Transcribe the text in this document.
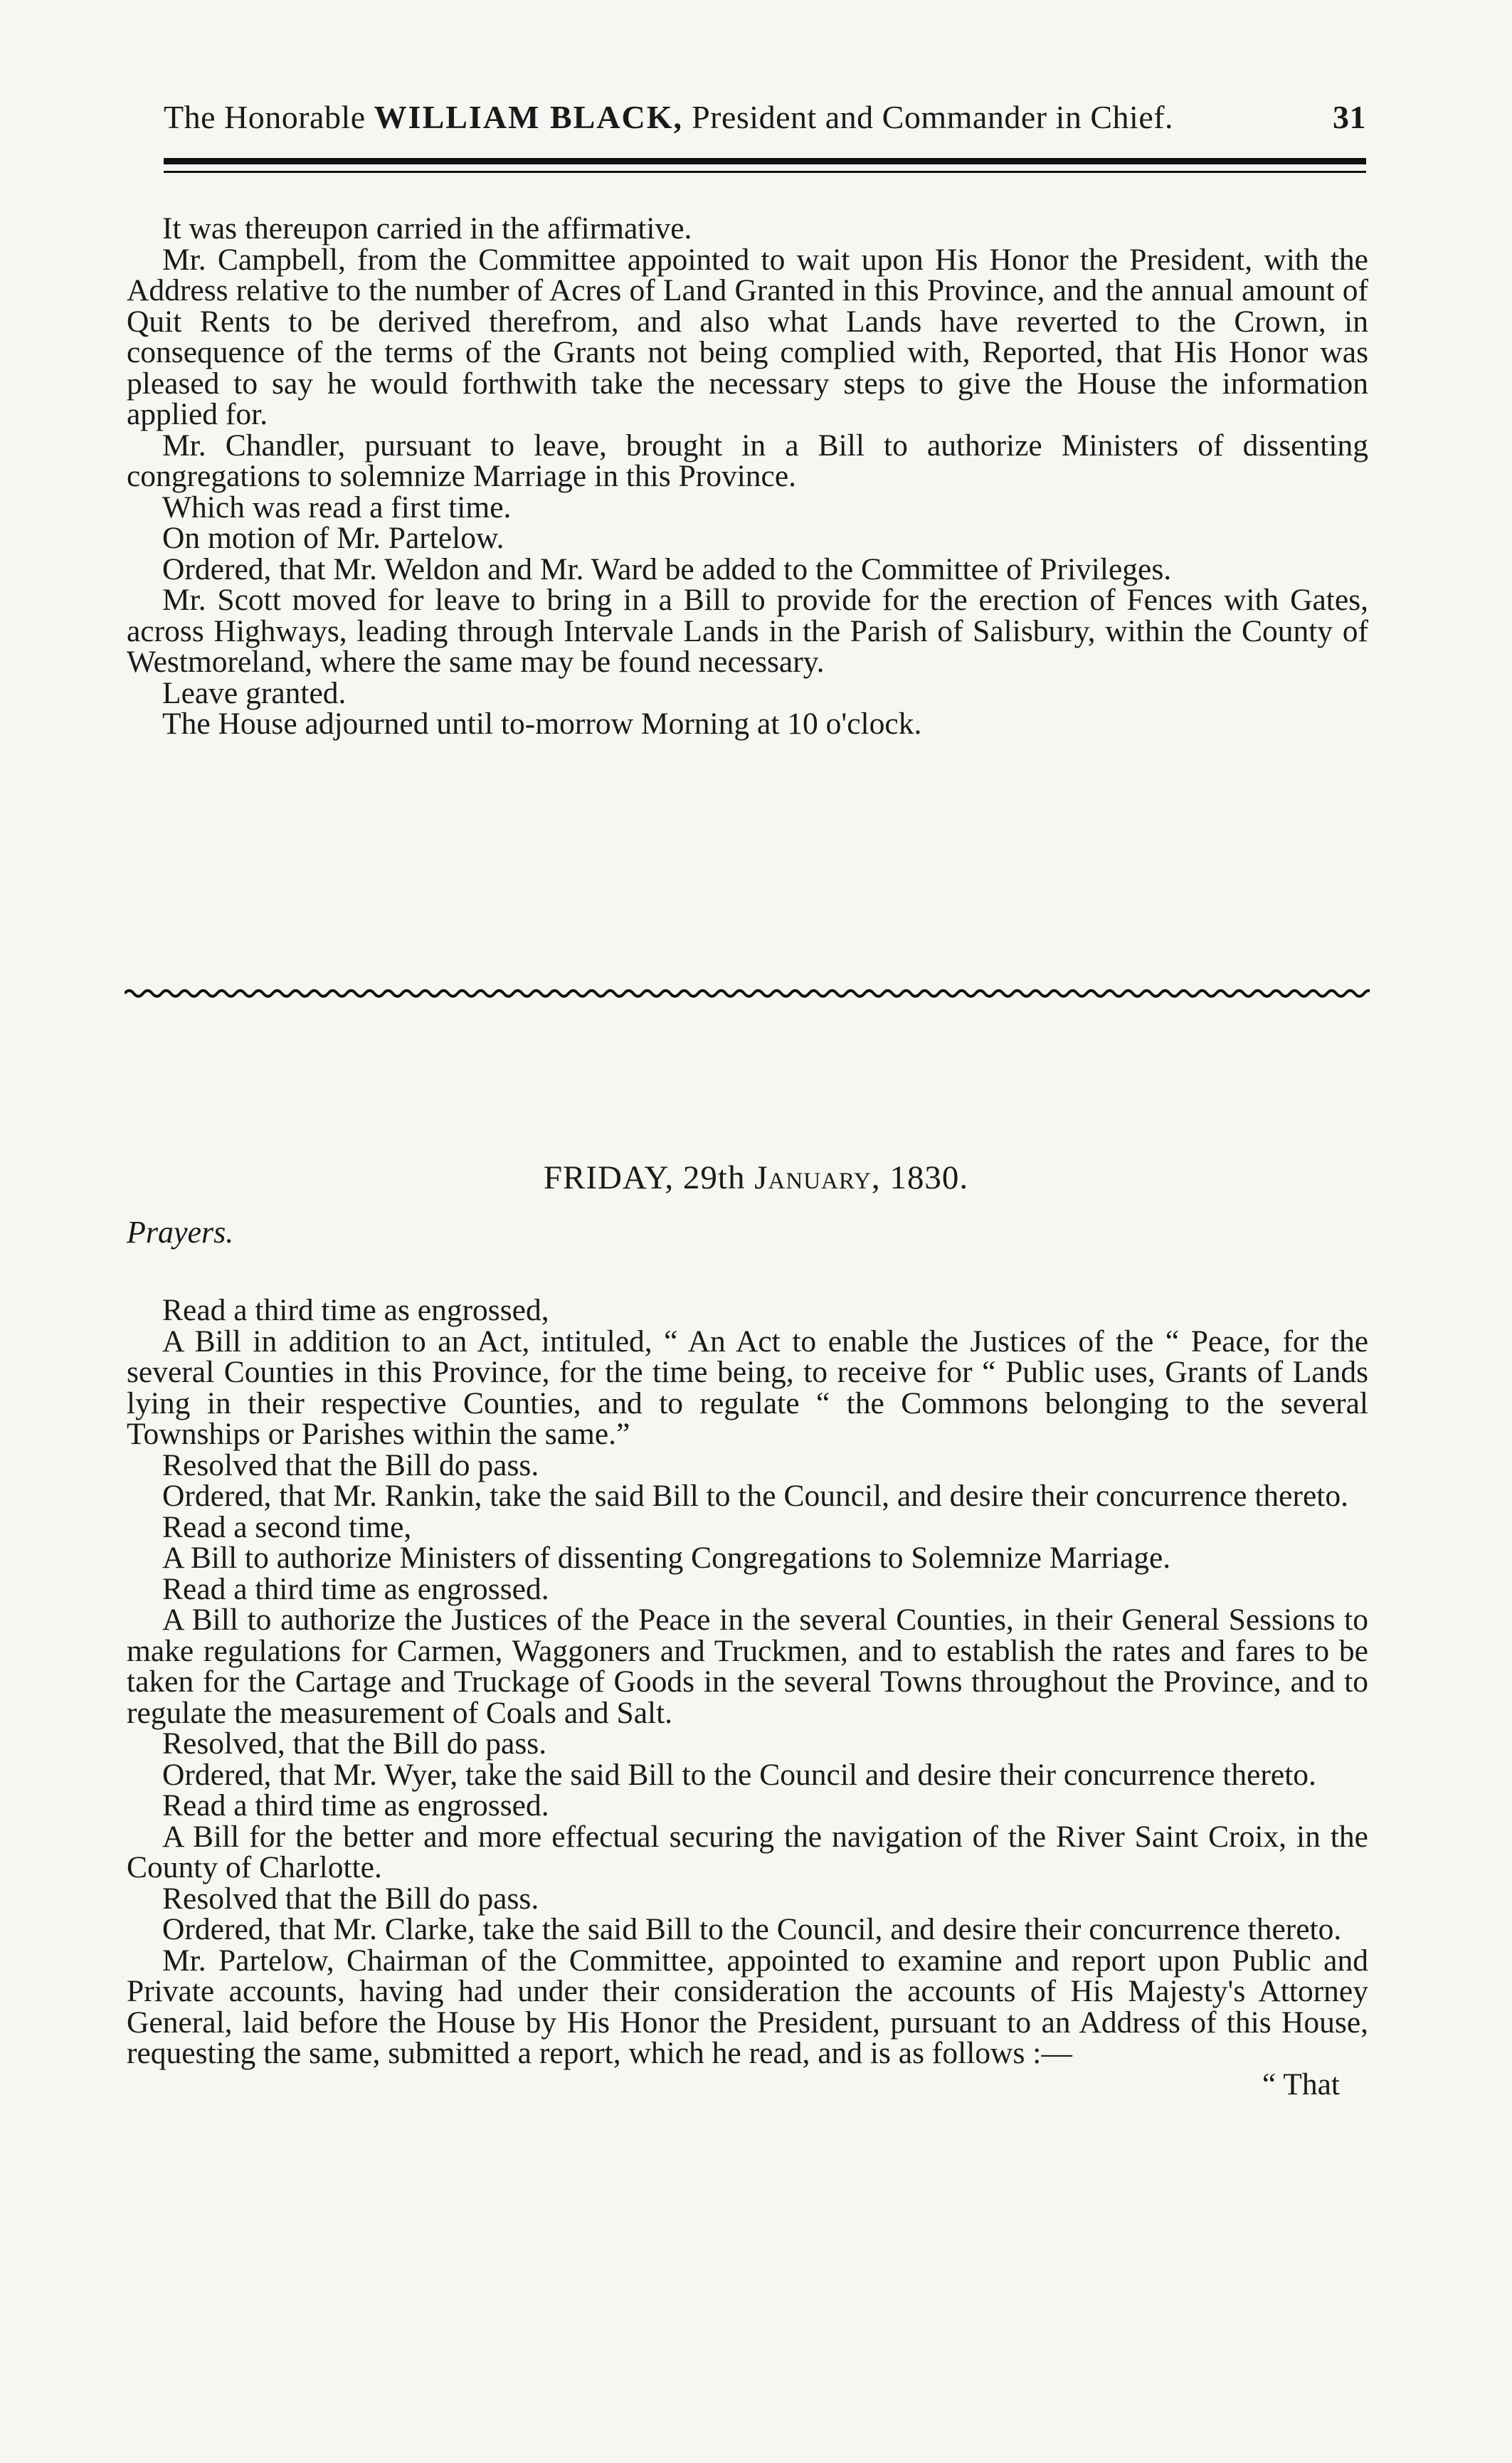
The Honorable WILLIAM BLACK, President and Commander in Chief.	31

It was thereupon carried in the affirmative.

Mr. Campbell, from the Committee appointed to wait upon His Honor the President, with the Address relative to the number of Acres of Land Granted in this Province, and the annual amount of Quit Rents to be derived therefrom, and also what Lands have reverted to the Crown, in consequence of the terms of the Grants not being complied with, Reported, that His Honor was pleased to say he would forthwith take the necessary steps to give the House the information applied for.

Mr. Chandler, pursuant to leave, brought in a Bill to authorize Ministers of dissenting congregations to solemnize Marriage in this Province.

Which was read a first time.

On motion of Mr. Partelow.

Ordered, that Mr. Weldon and Mr. Ward be added to the Committee of Privileges.

Mr. Scott moved for leave to bring in a Bill to provide for the erection of Fences with Gates, across Highways, leading through Intervale Lands in the Parish of Salisbury, within the County of Westmoreland, where the same may be found necessary.

Leave granted.

The House adjourned until to-morrow Morning at 10 o'clock.

FRIDAY, 29th January, 1830.
Prayers.

Read a third time as engrossed,

A Bill in addition to an Act, intituled, “ An Act to enable the Justices of the “ Peace, for the several Counties in this Province, for the time being, to receive for “ Public uses, Grants of Lands lying in their respective Counties, and to regulate “ the Commons belonging to the several Townships or Parishes within the same.”

Resolved that the Bill do pass.

Ordered, that Mr. Rankin, take the said Bill to the Council, and desire their concurrence thereto.

Read a second time,

A Bill to authorize Ministers of dissenting Congregations to Solemnize Marriage.

Read a third time as engrossed.

A Bill to authorize the Justices of the Peace in the several Counties, in their General Sessions to make regulations for Carmen, Waggoners and Truckmen, and to establish the rates and fares to be taken for the Cartage and Truckage of Goods in the several Towns throughout the Province, and to regulate the measurement of Coals and Salt.

Resolved, that the Bill do pass.

Ordered, that Mr. Wyer, take the said Bill to the Council and desire their concurrence thereto.

Read a third time as engrossed.

A Bill for the better and more effectual securing the navigation of the River Saint Croix, in the County of Charlotte.

Resolved that the Bill do pass.

Ordered, that Mr. Clarke, take the said Bill to the Council, and desire their concurrence thereto.

Mr. Partelow, Chairman of the Committee, appointed to examine and report upon Public and Private accounts, having had under their consideration the accounts of His Majesty's Attorney General, laid before the House by His Honor the President, pursuant to an Address of this House, requesting the same, submitted a report, which he read, and is as follows :—

“ That
